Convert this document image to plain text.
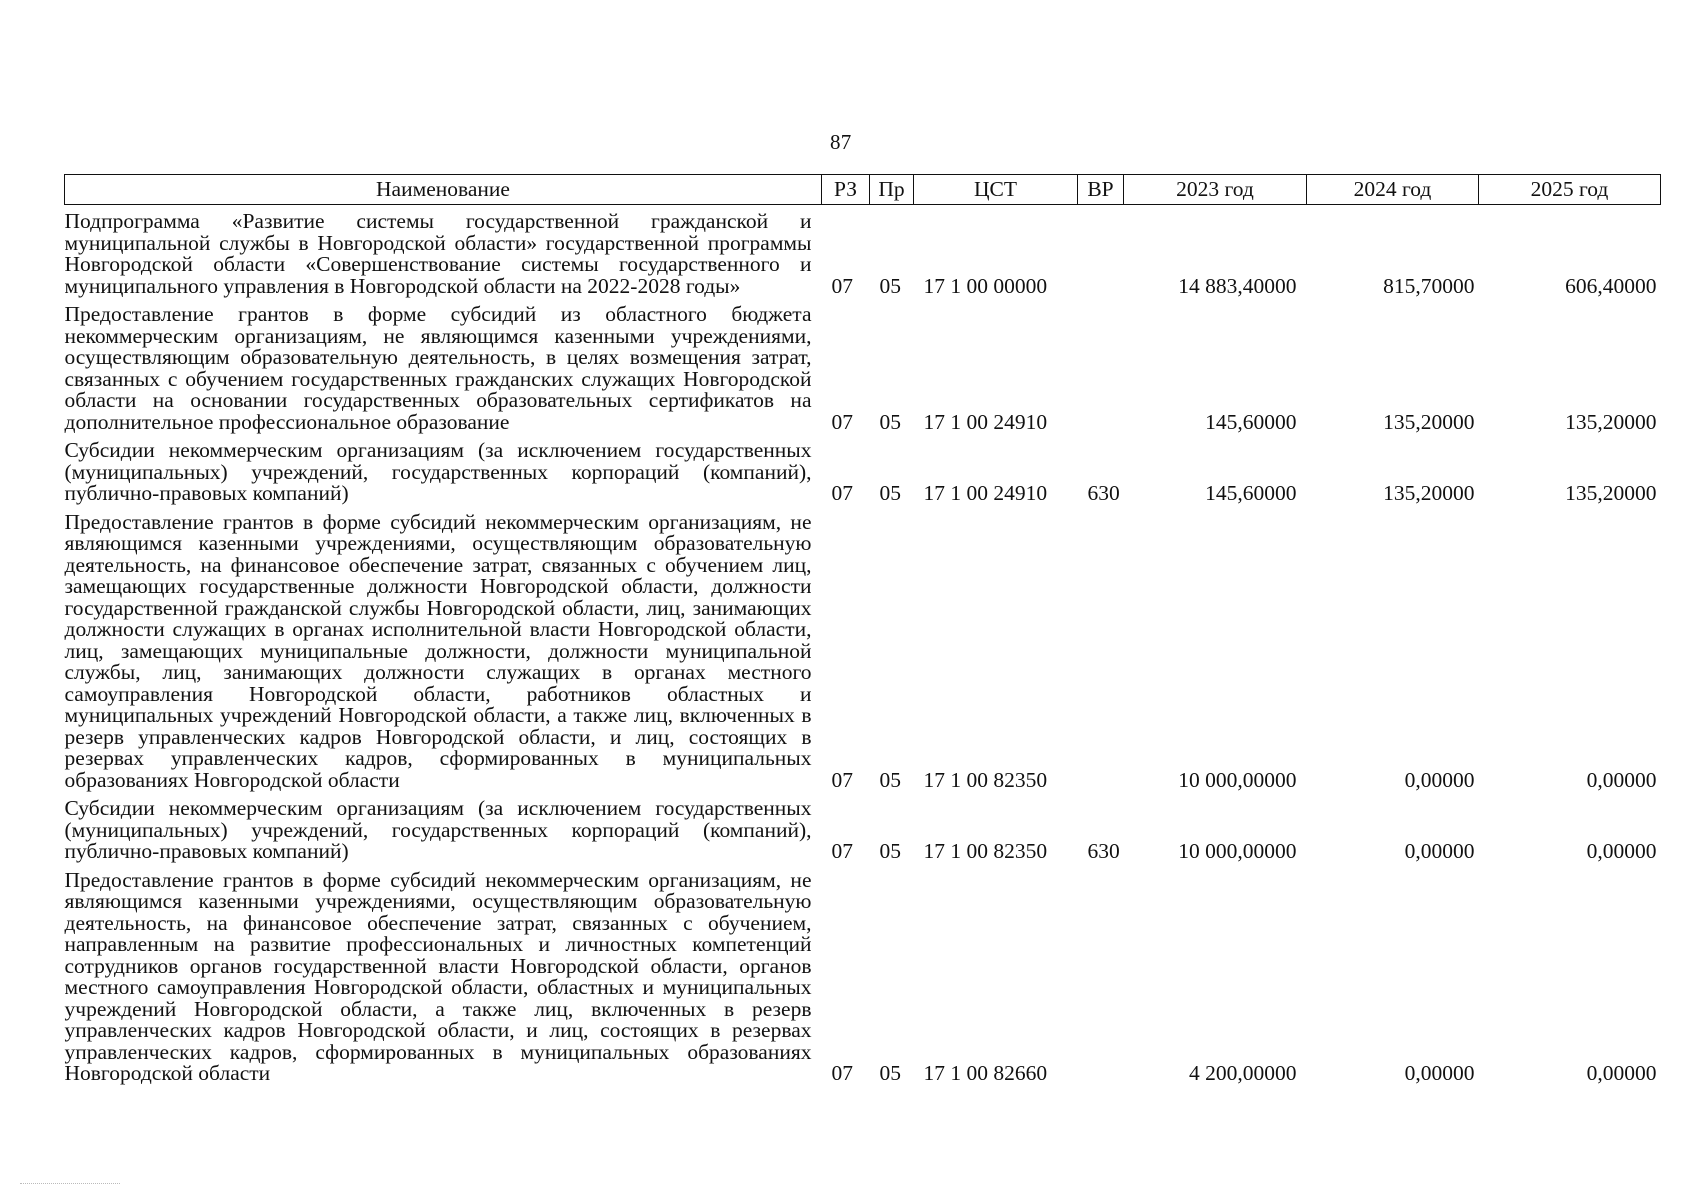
87
Наименование	РЗ	Пр	ЦСТ	ВР	2023 год	2024 год	2025 год
Подпрограмма «Развитие системы государственной гражданской и муниципальной службы в Новгородской области» государственной программы Новгородской области «Совершенствование системы государственного и муниципального управления в Новгородской области на 2022-2028 годы»	07	05	17 1 00 00000		14 883,40000	815,70000	606,40000
Предоставление грантов в форме субсидий из областного бюджета некоммерческим организациям, не являющимся казенными учреждениями, осуществляющим образовательную деятельность, в целях возмещения затрат, связанных с обучением государственных гражданских служащих Новгородской области на основании государственных образовательных сертификатов на дополнительное профессиональное образование	07	05	17 1 00 24910		145,60000	135,20000	135,20000
Субсидии некоммерческим организациям (за исключением государственных (муниципальных) учреждений, государственных корпораций (компаний), публично-правовых компаний)	07	05	17 1 00 24910	630	145,60000	135,20000	135,20000
Предоставление грантов в форме субсидий некоммерческим организациям, не являющимся казенными учреждениями, осуществляющим образовательную деятельность, на финансовое обеспечение затрат, связанных с обучением лиц, замещающих государственные должности Новгородской области, должности государственной гражданской службы Новгородской области, лиц, занимающих должности служащих в органах исполнительной власти Новгородской области, лиц, замещающих муниципальные должности, должности муниципальной службы, лиц, занимающих должности служащих в органах местного самоуправления Новгородской области, работников областных и муниципальных учреждений Новгородской области, а также лиц, включенных в резерв управленческих кадров Новгородской области, и лиц, состоящих в резервах управленческих кадров, сформированных в муниципальных образованиях Новгородской области	07	05	17 1 00 82350		10 000,00000	0,00000	0,00000
Субсидии некоммерческим организациям (за исключением государственных (муниципальных) учреждений, государственных корпораций (компаний), публично-правовых компаний)	07	05	17 1 00 82350	630	10 000,00000	0,00000	0,00000
Предоставление грантов в форме субсидий некоммерческим организациям, не являющимся казенными учреждениями, осуществляющим образовательную деятельность, на финансовое обеспечение затрат, связанных с обучением, направленным на развитие профессиональных и личностных компетенций сотрудников органов государственной власти Новгородской области, органов местного самоуправления Новгородской области, областных и муниципальных учреждений Новгородской области, а также лиц, включенных в резерв управленческих кадров Новгородской области, и лиц, состоящих в резервах управленческих кадров, сформированных в муниципальных образованиях Новгородской области	07	05	17 1 00 82660		4 200,00000	0,00000	0,00000
